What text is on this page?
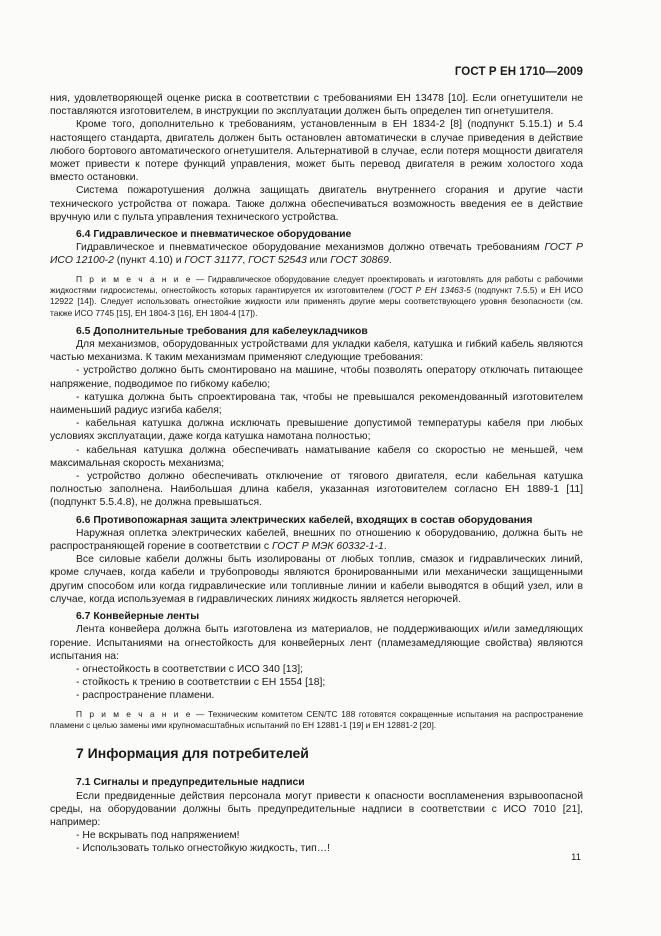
ГОСТ Р ЕН 1710—2009

ния, удовлетворяющей оценке риска в соответствии с требованиями ЕН 13478 [10]. Если огнетушители не поставляются изготовителем, в инструкции по эксплуатации должен быть определен тип огнетушителя.

Кроме того, дополнительно к требованиям, установленным в ЕН 1834-2 [8] (подпункт 5.15.1) и 5.4 настоящего стандарта, двигатель должен быть остановлен автоматически в случае приведения в действие любого бортового автоматического огнетушителя. Альтернативой в случае, если потеря мощности двигателя может привести к потере функций управления, может быть перевод двигателя в режим холостого хода вместо остановки.

Система пожаротушения должна защищать двигатель внутреннего сгорания и другие части технического устройства от пожара. Также должна обеспечиваться возможность введения ее в действие вручную или с пульта управления технического устройства.

6.4 Гидравлическое и пневматическое оборудование

Гидравлическое и пневматическое оборудование механизмов должно отвечать требованиям ГОСТ Р ИСО 12100-2 (пункт 4.10) и ГОСТ 31177, ГОСТ 52543 или ГОСТ 30869.

П р и м е ч а н и е — Гидравлическое оборудование следует проектировать и изготовлять для работы с рабочими жидкостями гидросистемы, огнестойкость которых гарантируется их изготовителем (ГОСТ Р ЕН 13463-5 (подпункт 7.5.5) и ЕН ИСО 12922 [14]). Следует использовать огнестойкие жидкости или применять другие меры соответствующего уровня безопасности (см. также ИСО 7745 [15], ЕН 1804-3 [16], ЕН 1804-4 [17]).

6.5 Дополнительные требования для кабелеукладчиков

Для механизмов, оборудованных устройствами для укладки кабеля, катушка и гибкий кабель являются частью механизма. К таким механизмам применяют следующие требования:

- устройство должно быть смонтировано на машине, чтобы позволять оператору отключать питающее напряжение, подводимое по гибкому кабелю;

- катушка должна быть спроектирована так, чтобы не превышался рекомендованный изготовителем наименьший радиус изгиба кабеля;

- кабельная катушка должна исключать превышение допустимой температуры кабеля при любых условиях эксплуатации, даже когда катушка намотана полностью;

- кабельная катушка должна обеспечивать наматывание кабеля со скоростью не меньшей, чем максимальная скорость механизма;

- устройство должно обеспечивать отключение от тягового двигателя, если кабельная катушка полностью заполнена. Наибольшая длина кабеля, указанная изготовителем согласно ЕН 1889-1 [11] (подпункт 5.5.4.8), не должна превышаться.

6.6 Противопожарная защита электрических кабелей, входящих в состав оборудования

Наружная оплетка электрических кабелей, внешних по отношению к оборудованию, должна быть не распространяющей горение в соответствии с ГОСТ Р МЭК 60332-1-1.

Все силовые кабели должны быть изолированы от любых топлив, смазок и гидравлических линий, кроме случаев, когда кабели и трубопроводы являются бронированными или механически защищенными другим способом или когда гидравлические или топливные линии и кабели выводятся в общий узел, или в случае, когда используемая в гидравлических линиях жидкость является негорючей.

6.7 Конвейерные ленты

Лента конвейера должна быть изготовлена из материалов, не поддерживающих и/или замедляющих горение. Испытаниями на огнестойкость для конвейерных лент (пламезамедляющие свойства) являются испытания на:

- огнестойкость в соответствии с ИСО 340 [13];

- стойкость к трению в соответствии с ЕН 1554 [18];

- распространение пламени.

П р и м е ч а н и е — Техническим комитетом CEN/TC 188 готовятся сокращенные испытания на распространение пламени с целью замены ими крупномасштабных испытаний по ЕН 12881-1 [19] и ЕН 12881-2 [20].

7 Информация для потребителей

7.1 Сигналы и предупредительные надписи

Если предвиденные действия персонала могут привести к опасности воспламенения взрывоопасной среды, на оборудовании должны быть предупредительные надписи в соответствии с ИСО 7010 [21], например:

- Не вскрывать под напряжением!

- Использовать только огнестойкую жидкость, тип…!

11
